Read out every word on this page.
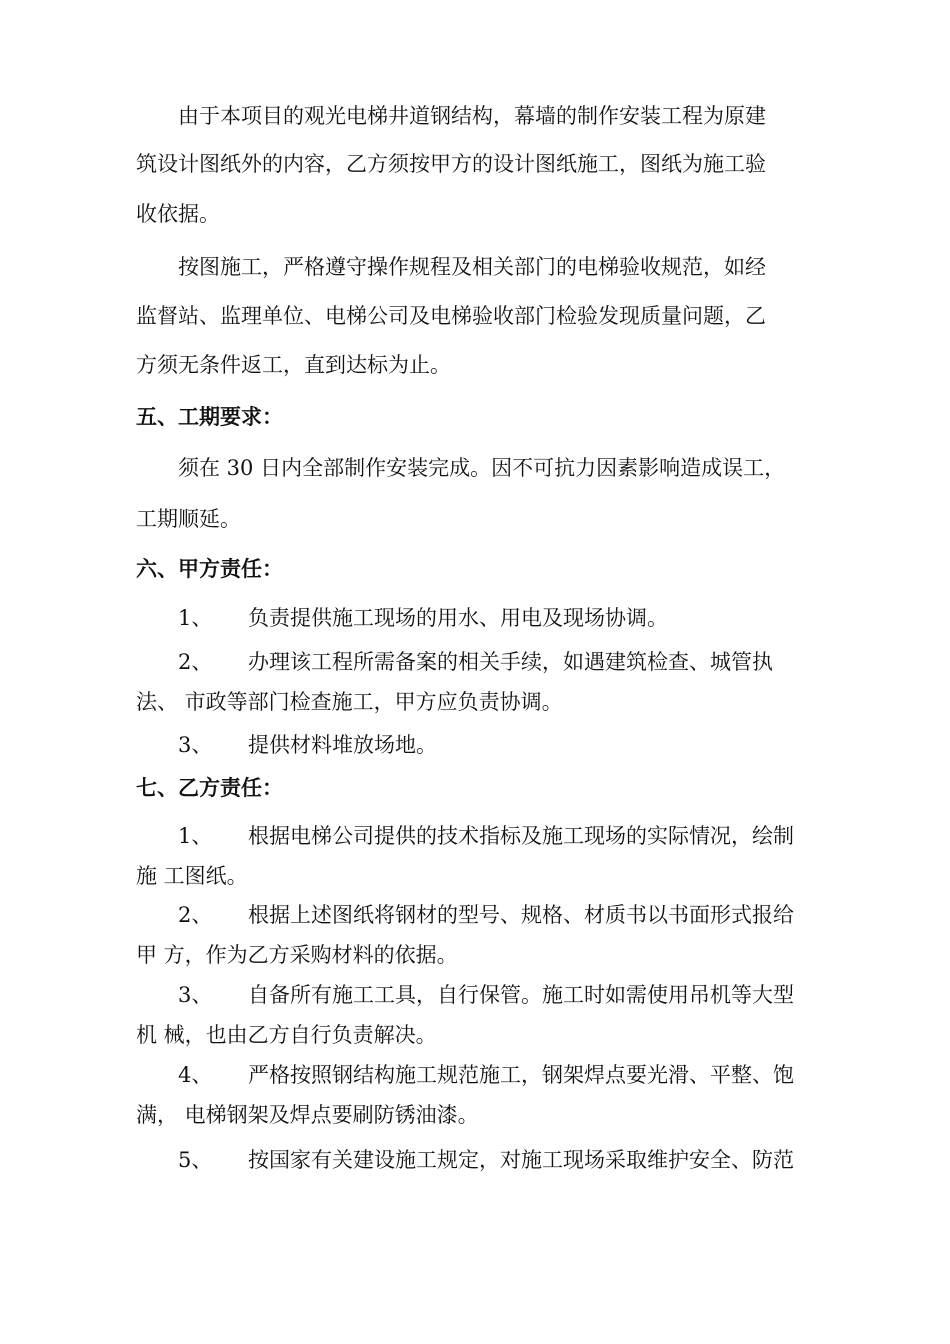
由于本项目的观光电梯井道钢结构，幕墙的制作安装工程为原建
筑设计图纸外的内容，乙方须按甲方的设计图纸施工，图纸为施工验
收依据。
按图施工，严格遵守操作规程及相关部门的电梯验收规范，如经
监督站、监理单位、电梯公司及电梯验收部门检验发现质量问题，乙
方须无条件返工，直到达标为止。
五、工期要求：
须在 30 日内全部制作安装完成。因不可抗力因素影响造成误工，
工期顺延。
六、甲方责任：
1、 负责提供施工现场的用水、用电及现场协调。
2、 办理该工程所需备案的相关手续，如遇建筑检查、城管执
法、 市政等部门检查施工，甲方应负责协调。
3、 提供材料堆放场地。
七、乙方责任：
1、 根据电梯公司提供的技术指标及施工现场的实际情况，绘制
施 工图纸。
2、 根据上述图纸将钢材的型号、规格、材质书以书面形式报给
甲 方，作为乙方采购材料的依据。
3、 自备所有施工工具，自行保管。施工时如需使用吊机等大型
机 械，也由乙方自行负责解决。
4、 严格按照钢结构施工规范施工，钢架焊点要光滑、平整、饱
满， 电梯钢架及焊点要刷防锈油漆。
5、 按国家有关建设施工规定，对施工现场采取维护安全、防范
